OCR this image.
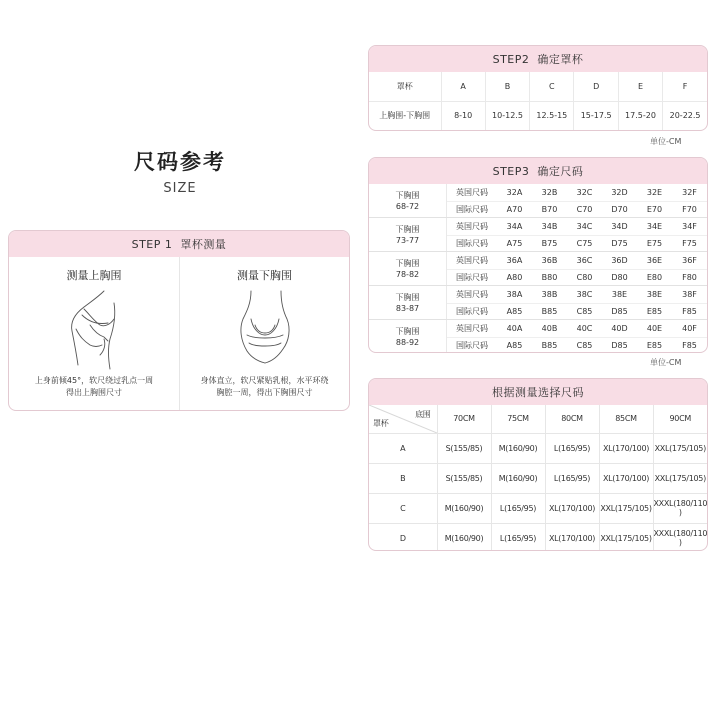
尺码参考
SIZE
STEP 1 罩杯测量
测量上胸围
上身前倾45°，软尺绕过乳点一周
得出上胸围尺寸
测量下胸围
身体直立，软尺紧贴乳根，水平环绕
胸腔一周，得出下胸围尺寸
STEP2 确定罩杯
罩杯	A	B	C	D	E	F
上胸围-下胸围	8-10	10-12.5	12.5-15	15-17.5	17.5-20	20-22.5
单位-CM
STEP3 确定尺码
下胸围
68-72
英国尺码	32A	32B	32C	32D	32E	32F
国际尺码	A70	B70	C70	D70	E70	F70
下胸围
73-77
英国尺码	34A	34B	34C	34D	34E	34F
国际尺码	A75	B75	C75	D75	E75	F75
下胸围
78-82
英国尺码	36A	36B	36C	36D	36E	36F
国际尺码	A80	B80	C80	D80	E80	F80
下胸围
83-87
英国尺码	38A	38B	38C	38E	38E	38F
国际尺码	A85	B85	C85	D85	E85	F85
下胸围
88-92
英国尺码	40A	40B	40C	40D	40E	40F
国际尺码	A85	B85	C85	D85	E85	F85
单位-CM
根据测量选择尺码
底围
罩杯	70CM	75CM	80CM	85CM	90CM
A	S(155/85)	M(160/90)	L(165/95)	XL(170/100)	XXL(175/105)
B	S(155/85)	M(160/90)	L(165/95)	XL(170/100)	XXL(175/105)
C	M(160/90)	L(165/95)	XL(170/100)	XXL(175/105)	XXXL(180/110 )
D	M(160/90)	L(165/95)	XL(170/100)	XXL(175/105)	XXXL(180/110 )
